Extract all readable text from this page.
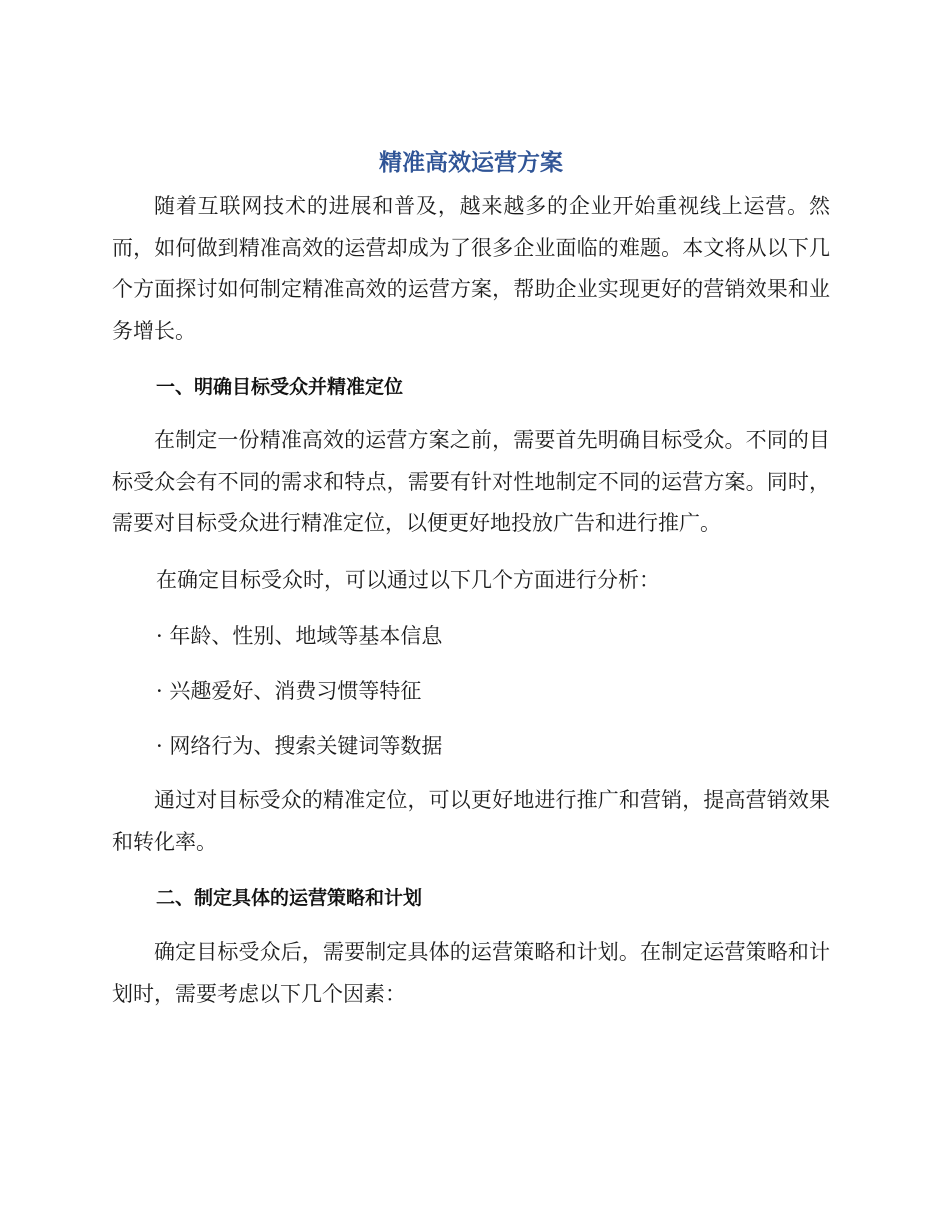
精准高效运营方案

随着互联网技术的进展和普及，越来越多的企业开始重视线上运营。然而，如何做到精准高效的运营却成为了很多企业面临的难题。本文将从以下几个方面探讨如何制定精准高效的运营方案，帮助企业实现更好的营销效果和业务增长。

一、明确目标受众并精准定位

在制定一份精准高效的运营方案之前，需要首先明确目标受众。不同的目标受众会有不同的需求和特点，需要有针对性地制定不同的运营方案。同时，需要对目标受众进行精准定位，以便更好地投放广告和进行推广。

在确定目标受众时，可以通过以下几个方面进行分析：

· 年龄、性别、地域等基本信息

· 兴趣爱好、消费习惯等特征

· 网络行为、搜索关键词等数据

通过对目标受众的精准定位，可以更好地进行推广和营销，提高营销效果和转化率。

二、制定具体的运营策略和计划

确定目标受众后，需要制定具体的运营策略和计划。在制定运营策略和计划时，需要考虑以下几个因素：
